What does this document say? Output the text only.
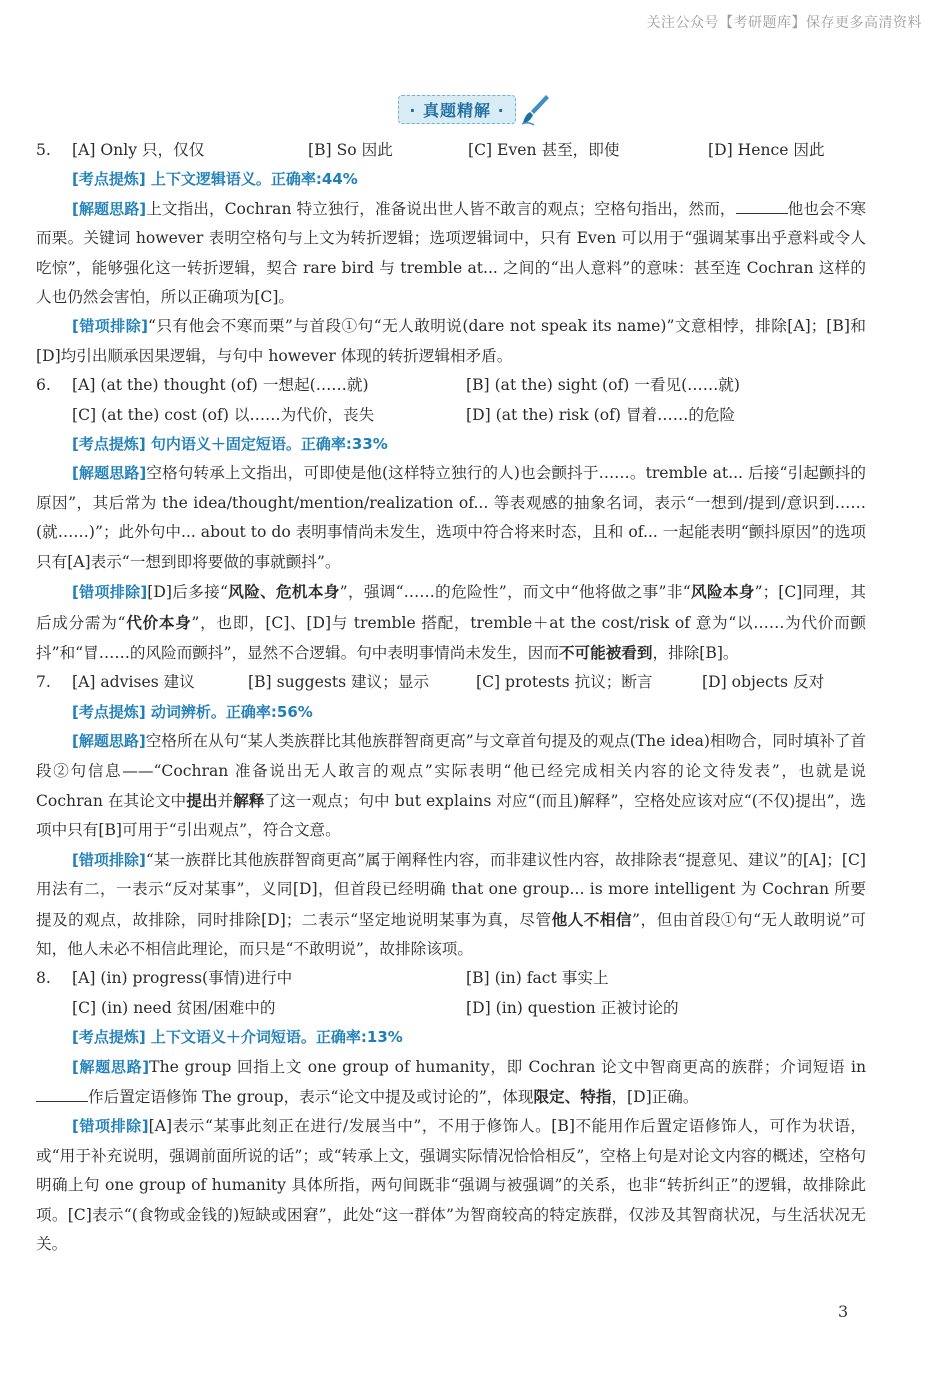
关注公众号【考研题库】保存更多高清资料
· 真题精解 ·
5.	[A] Only 只，仅仅	[B] So 因此	[C] Even 甚至，即使	[D] Hence 因此

[考点提炼] 上下文逻辑语义。正确率:44%

[解题思路]上文指出，Cochran 特立独行，准备说出世人皆不敢言的观点；空格句指出，然而，	他也会不寒而栗。关键词 however 表明空格句与上文为转折逻辑；选项逻辑词中，只有 Even 可以用于“强调某事出乎意料或令人吃惊”，能够强化这一转折逻辑，契合 rare bird 与 tremble at... 之间的“出人意料”的意味：甚至连 Cochran 这样的人也仍然会害怕，所以正确项为[C]。

[错项排除]“只有他会不寒而栗”与首段①句“无人敢明说(dare not speak its name)”文意相悖，排除[A]；[B]和[D]均引出顺承因果逻辑，与句中 however 体现的转折逻辑相矛盾。

6.	[A] (at the) thought (of) 一想起(……就)	[B] (at the) sight (of) 一看见(……就)
[C] (at the) cost (of) 以……为代价，丧失	[D] (at the) risk (of) 冒着……的危险

[考点提炼] 句内语义＋固定短语。正确率:33%

[解题思路]空格句转承上文指出，可即使是他(这样特立独行的人)也会颤抖于……。tremble at... 后接“引起颤抖的原因”，其后常为 the idea/thought/mention/realization of... 等表观感的抽象名词，表示“一想到/提到/意识到……(就……)”；此外句中... about to do 表明事情尚未发生，选项中符合将来时态，且和 of... 一起能表明“颤抖原因”的选项只有[A]表示“一想到即将要做的事就颤抖”。

[错项排除][D]后多接“风险、危机本身”，强调“……的危险性”，而文中“他将做之事”非“风险本身”；[C]同理，其后成分需为“代价本身”，也即，[C]、[D]与 tremble 搭配，tremble＋at the cost/risk of 意为“以……为代价而颤抖”和“冒……的风险而颤抖”，显然不合逻辑。句中表明事情尚未发生，因而不可能被看到，排除[B]。

7.	[A] advises 建议	[B] suggests 建议；显示	[C] protests 抗议；断言	[D] objects 反对

[考点提炼] 动词辨析。正确率:56%

[解题思路]空格所在从句“某人类族群比其他族群智商更高”与文章首句提及的观点(The idea)相吻合，同时填补了首段②句信息——“Cochran 准备说出无人敢言的观点”实际表明“他已经完成相关内容的论文待发表”，也就是说 Cochran 在其论文中提出并解释了这一观点；句中 but explains 对应“(而且)解释”，空格处应该对应“(不仅)提出”，选项中只有[B]可用于“引出观点”，符合文意。

[错项排除]“某一族群比其他族群智商更高”属于阐释性内容，而非建议性内容，故排除表“提意见、建议”的[A]；[C]用法有二，一表示“反对某事”，义同[D]，但首段已经明确 that one group... is more intelligent 为 Cochran 所要提及的观点，故排除，同时排除[D]；二表示“坚定地说明某事为真，尽管他人不相信”，但由首段①句“无人敢明说”可知，他人未必不相信此理论，而只是“不敢明说”，故排除该项。

8.	[A] (in) progress(事情)进行中	[B] (in) fact 事实上
[C] (in) need 贫困/困难中的	[D] (in) question 正被讨论的

[考点提炼] 上下文语义＋介词短语。正确率:13%

[解题思路]The group 回指上文 one group of humanity，即 Cochran 论文中智商更高的族群；介词短语 in 作后置定语修饰 The group，表示“论文中提及或讨论的”，体现限定、特指，[D]正确。

[错项排除][A]表示“某事此刻正在进行/发展当中”，不用于修饰人。[B]不能用作后置定语修饰人，可作为状语，或“用于补充说明，强调前面所说的话”；或“转承上文，强调实际情况恰恰相反”，空格上句是对论文内容的概述，空格句明确上句 one group of humanity 具体所指，两句间既非“强调与被强调”的关系，也非“转折纠正”的逻辑，故排除此项。[C]表示“(食物或金钱的)短缺或困窘”，此处“这一群体”为智商较高的特定族群，仅涉及其智商状况，与生活状况无关。

3
